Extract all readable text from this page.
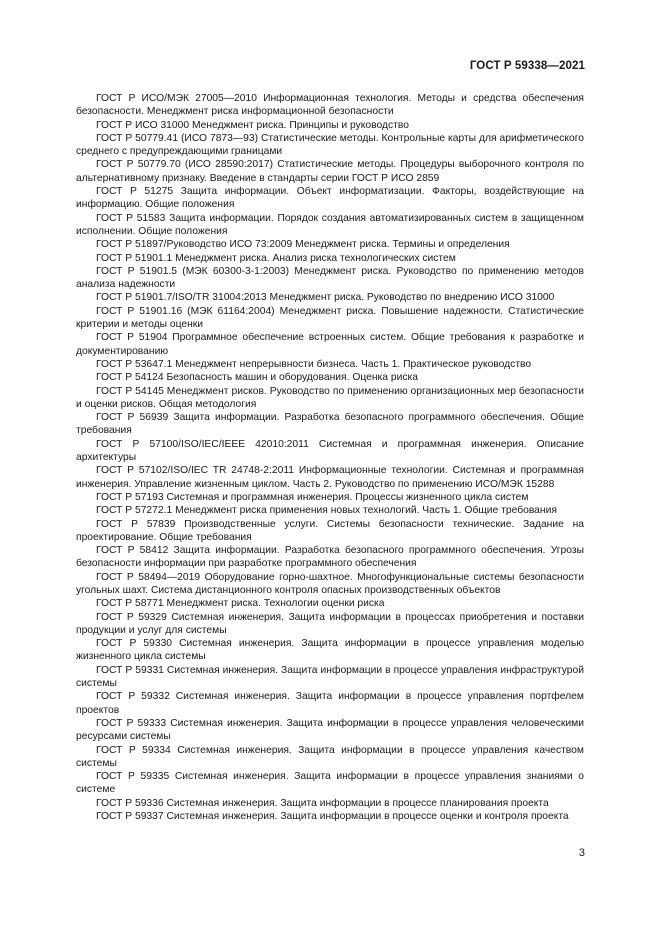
ГОСТ Р 59338—2021

ГОСТ Р ИСО/МЭК 27005—2010 Информационная технология. Методы и средства обеспечения безопасности. Менеджмент риска информационной безопасности

ГОСТ Р ИСО 31000 Менеджмент риска. Принципы и руководство

ГОСТ Р 50779.41 (ИСО 7873—93) Статистические методы. Контрольные карты для арифметического среднего с предупреждающими границами

ГОСТ Р 50779.70 (ИСО 28590:2017) Статистические методы. Процедуры выборочного контроля по альтернативному признаку. Введение в стандарты серии ГОСТ Р ИСО 2859

ГОСТ Р 51275 Защита информации. Объект информатизации. Факторы, воздействующие на информацию. Общие положения

ГОСТ Р 51583 Защита информации. Порядок создания автоматизированных систем в защищенном исполнении. Общие положения

ГОСТ Р 51897/Руководство ИСО 73:2009 Менеджмент риска. Термины и определения

ГОСТ Р 51901.1 Менеджмент риска. Анализ риска технологических систем

ГОСТ Р 51901.5 (МЭК 60300-3-1:2003) Менеджмент риска. Руководство по применению методов анализа надежности

ГОСТ Р 51901.7/ISO/TR 31004:2013 Менеджмент риска. Руководство по внедрению ИСО 31000

ГОСТ Р 51901.16 (МЭК 61164:2004) Менеджмент риска. Повышение надежности. Статистические критерии и методы оценки

ГОСТ Р 51904 Программное обеспечение встроенных систем. Общие требования к разработке и документированию

ГОСТ Р 53647.1 Менеджмент непрерывности бизнеса. Часть 1. Практическое руководство

ГОСТ Р 54124 Безопасность машин и оборудования. Оценка риска

ГОСТ Р 54145 Менеджмент рисков. Руководство по применению организационных мер безопасности и оценки рисков. Общая методология

ГОСТ Р 56939 Защита информации. Разработка безопасного программного обеспечения. Общие требования

ГОСТ Р 57100/ISO/IEC/IEEE 42010:2011 Системная и программная инженерия. Описание архитектуры

ГОСТ Р 57102/ISO/IEC TR 24748-2:2011 Информационные технологии. Системная и программная инженерия. Управление жизненным циклом. Часть 2. Руководство по применению ИСО/МЭК 15288

ГОСТ Р 57193 Системная и программная инженерия. Процессы жизненного цикла систем

ГОСТ Р 57272.1 Менеджмент риска применения новых технологий. Часть 1. Общие требования

ГОСТ Р 57839 Производственные услуги. Системы безопасности технические. Задание на проектирование. Общие требования

ГОСТ Р 58412 Защита информации. Разработка безопасного программного обеспечения. Угрозы безопасности информации при разработке программного обеспечения

ГОСТ Р 58494—2019 Оборудование горно-шахтное. Многофункциональные системы безопасности угольных шахт. Система дистанционного контроля опасных производственных объектов

ГОСТ Р 58771 Менеджмент риска. Технологии оценки риска

ГОСТ Р 59329 Системная инженерия. Защита информации в процессах приобретения и поставки продукции и услуг для системы

ГОСТ Р 59330 Системная инженерия. Защита информации в процессе управления моделью жизненного цикла системы

ГОСТ Р 59331 Системная инженерия. Защита информации в процессе управления инфраструктурой системы

ГОСТ Р 59332 Системная инженерия. Защита информации в процессе управления портфелем проектов

ГОСТ Р 59333 Системная инженерия. Защита информации в процессе управления человеческими ресурсами системы

ГОСТ Р 59334 Системная инженерия. Защита информации в процессе управления качеством системы

ГОСТ Р 59335 Системная инженерия. Защита информации в процессе управления знаниями о системе

ГОСТ Р 59336 Системная инженерия. Защита информации в процессе планирования проекта

ГОСТ Р 59337 Системная инженерия. Защита информации в процессе оценки и контроля проекта

3
